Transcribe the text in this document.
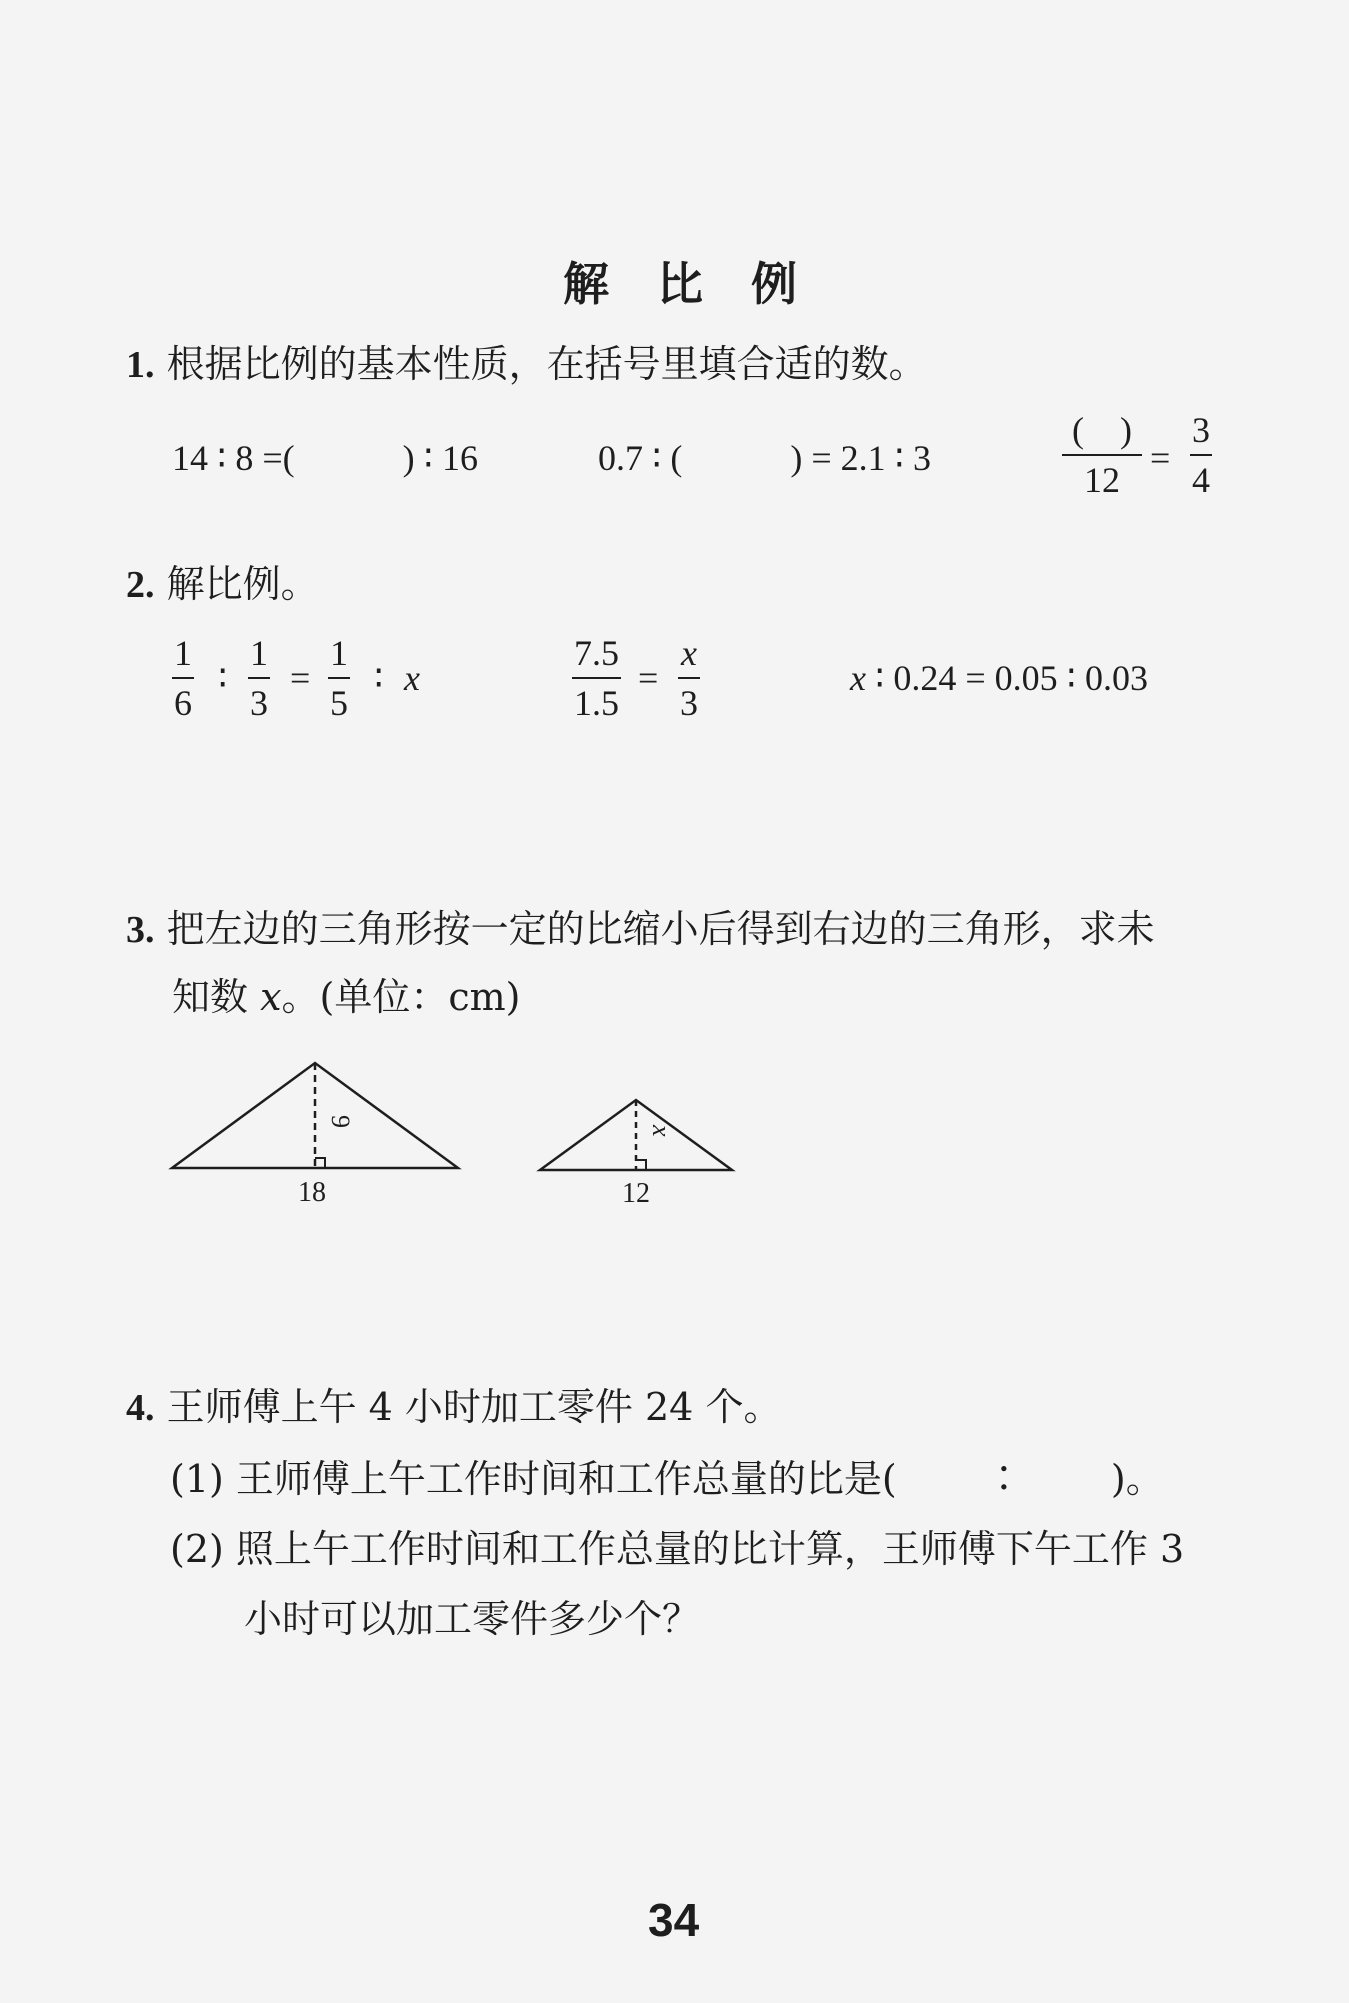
解比例
1. 根据比例的基本性质，在括号里填合适的数。
14 ∶ 8 =(　　　) ∶ 16	0.7 ∶ (　　　) = 2.1 ∶ 3
(　)
12
= $\frac{3}{4}$
2. 解比例。
$\frac{1}{6}$ ∶ $\frac{1}{3} = \frac{1}{5}$ ∶ x	$\frac{7.5}{1.5} = \frac{x}{3}$	x ∶ 0.24 = 0.05 ∶ 0.03
3. 把左边的三角形按一定的比缩小后得到右边的三角形，求未
知数 x。(单位：cm)
9
18
x
12
4. 王师傅上午 4 小时加工零件 24 个。
(1) 王师傅上午工作时间和工作总量的比是(　　 ∶　　 )。
(2) 照上午工作时间和工作总量的比计算，王师傅下午工作 3
小时可以加工零件多少个？
34
